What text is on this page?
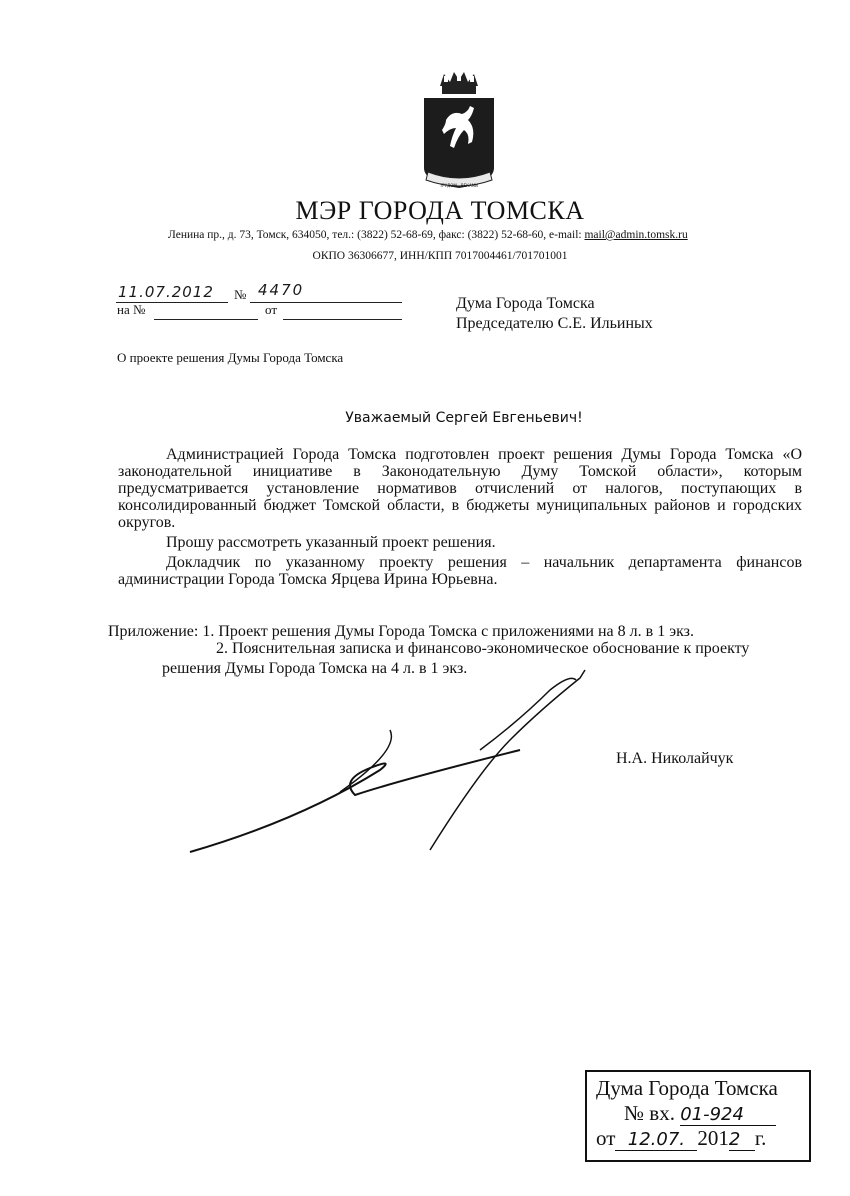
ТРУДОМ - ВЕКАМИ
МЭР ГОРОДА ТОМСКА
Ленина пр., д. 73, Томск, 634050, тел.: (3822) 52-68-69, факс: (3822) 52-68-60, e-mail: mail@admin.tomsk.ru
ОКПО 36306677, ИНН/КПП 7017004461/701701001
11.07.2012 № 4470
на №	от	Дума Города Томска
Председателю С.Е. Ильиных
О проекте решения Думы Города Томска
Уважаемый Сергей Евгеньевич!

Администрацией Города Томска подготовлен проект решения Думы Города Томска «О законодательной инициативе в Законодательную Думу Томской области», которым предусматривается установление нормативов отчислений от налогов, поступающих в консолидированный бюджет Томской области, в бюджеты муниципальных районов и городских округов.

Прошу рассмотреть указанный проект решения.

Докладчик по указанному проекту решения – начальник департамента финансов администрации Города Томска Ярцева Ирина Юрьевна.

Приложение: 1. Проект решения Думы Города Томска с приложениями на 8 л. в 1 экз.
2. Пояснительная записка и финансово-экономическое обоснование к проекту
решения Думы Города Томска на 4 л. в 1 экз.
Н.А. Николайчук
Дума Города Томска
№ вх. 01-924
от 12.07. 2012 г.
